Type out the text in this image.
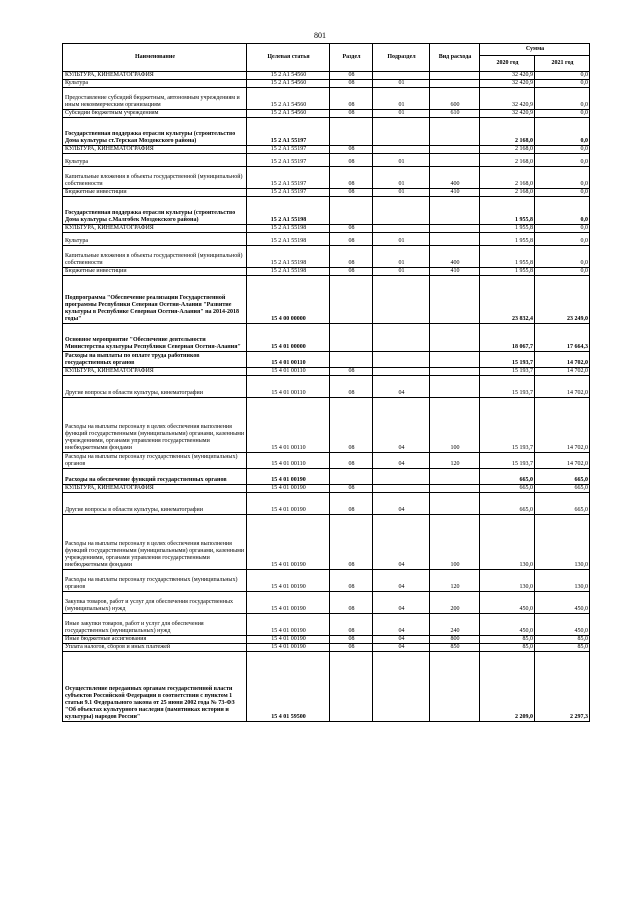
801
Наименование	Целевая статья	Раздел	Подраздел	Вид расхода	Сумма	
					2020 год	2021 год
КУЛЬТУРА, КИНЕМАТОГРАФИЯ	15 2 A1 54560	08			32 420,9	0,0
Культура	15 2 A1 54560	08	01		32 420,9	0,0
Предоставление субсидий бюджетным, автономным учреждениям и иным некоммерческим организациям	15 2 A1 54560	08	01	600	32 420,9	0,0
Субсидии бюджетным учреждениям	15 2 A1 54560	08	01	610	32 420,9	0,0
Государственная поддержка отрасли культуры (строительство Дома культуры ст.Терская Моздокского района)	15 2 A1 55197				2 168,0	0,0
КУЛЬТУРА, КИНЕМАТОГРАФИЯ	15 2 A1 55197	08			2 168,0	0,0
Культура	15 2 A1 55197	08	01		2 168,0	0,0
Капитальные вложения в объекты государственной (муниципальной) собственности	15 2 A1 55197	08	01	400	2 168,0	0,0
Бюджетные инвестиции	15 2 A1 55197	08	01	410	2 168,0	0,0
Государственная поддержка отрасли культуры (строительство Дома культуры с.Малгобек Моздокского района)	15 2 A1 55198				1 955,8	0,0
КУЛЬТУРА, КИНЕМАТОГРАФИЯ	15 2 A1 55198	08			1 955,8	0,0
Культура	15 2 A1 55198	08	01		1 955,8	0,0
Капитальные вложения в объекты государственной (муниципальной) собственности	15 2 A1 55198	08	01	400	1 955,8	0,0
Бюджетные инвестиции	15 2 A1 55198	08	01	410	1 955,8	0,0
Подпрограмма "Обеспечение реализации Государственной программы Республики Северная Осетия-Алания "Развитие культуры в Республике Северная Осетия-Алания" на 2014-2018 годы"	15 4 00 00000				23 832,4	23 249,0
Основное мероприятие "Обеспечение деятельности Министерства культуры Республики Северная Осетия-Алания"	15 4 01 00000				18 067,7	17 664,3
Расходы на выплаты по оплате труда работников государственных органов	15 4 01 00110				15 193,7	14 702,0
КУЛЬТУРА, КИНЕМАТОГРАФИЯ	15 4 01 00110	08			15 193,7	14 702,0
Другие вопросы в области культуры, кинематографии	15 4 01 00110	08	04		15 193,7	14 702,0
Расходы на выплаты персоналу в целях обеспечения выполнения функций государственными (муниципальными) органами, казенными учреждениями, органами управления государственными внебюджетными фондами	15 4 01 00110	08	04	100	15 193,7	14 702,0
Расходы на выплаты персоналу государственных (муниципальных) органов	15 4 01 00110	08	04	120	15 193,7	14 702,0
Расходы на обеспечение функций государственных органов	15 4 01 00190				665,0	665,0
КУЛЬТУРА, КИНЕМАТОГРАФИЯ	15 4 01 00190	08			665,0	665,0
Другие вопросы в области культуры, кинематографии	15 4 01 00190	08	04		665,0	665,0
Расходы на выплаты персоналу в целях обеспечения выполнения функций государственными (муниципальными) органами, казенными учреждениями, органами управления государственными внебюджетными фондами	15 4 01 00190	08	04	100	130,0	130,0
Расходы на выплаты персоналу государственных (муниципальных) органов	15 4 01 00190	08	04	120	130,0	130,0
Закупка товаров, работ и услуг для обеспечения государственных (муниципальных) нужд	15 4 01 00190	08	04	200	450,0	450,0
Иные закупки товаров, работ и услуг для обеспечения государственных (муниципальных) нужд	15 4 01 00190	08	04	240	450,0	450,0
Иные бюджетные ассигнования	15 4 01 00190	08	04	800	85,0	85,0
Уплата налогов, сборов и иных платежей	15 4 01 00190	08	04	850	85,0	85,0
Осуществление переданных органам государственной власти субъектов Российской Федерации в соответствии с пунктом 1 статьи 9.1 Федерального закона от 25 июня 2002 года № 73-ФЗ "Об объектах культурного наследия (памятниках истории и культуры) народов России"	15 4 01 59500				2 209,0	2 297,3
